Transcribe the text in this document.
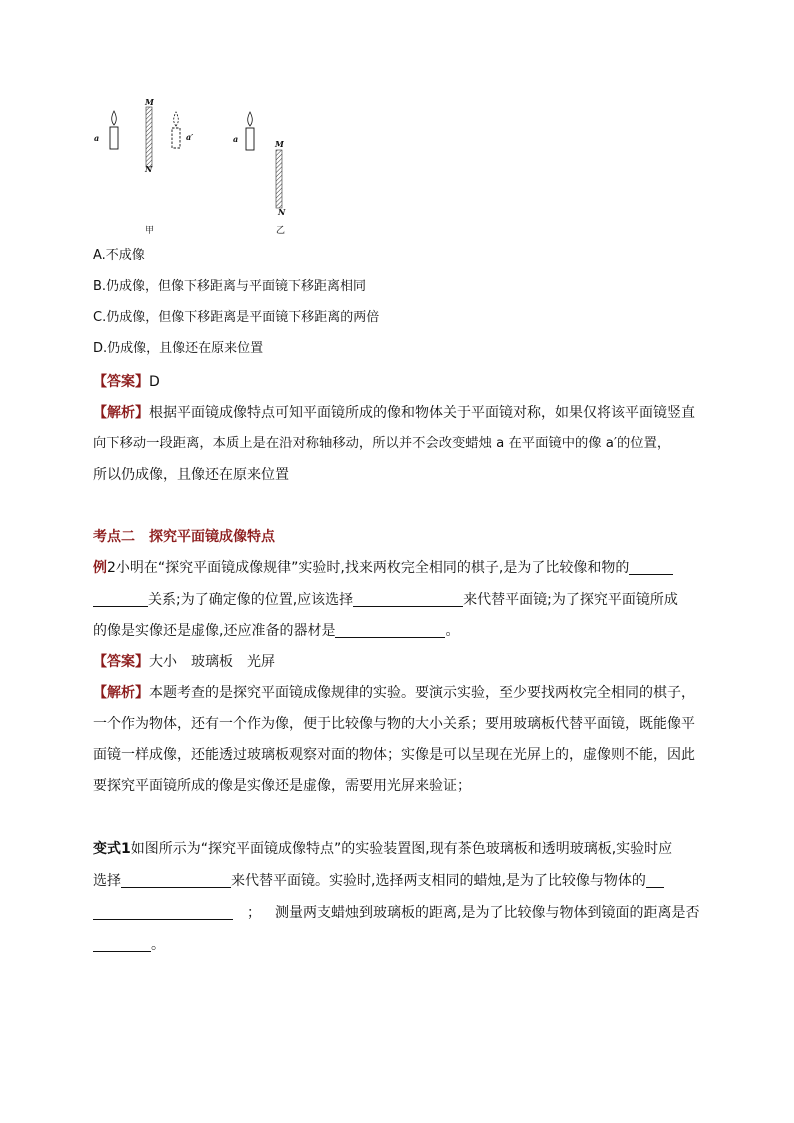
a
M
N
a′
甲
a	M
N
乙
A.不成像
B.仍成像，但像下移距离与平面镜下移距离相同
C.仍成像，但像下移距离是平面镜下移距离的两倍
D.仍成像，且像还在原来位置
【答案】D
【解析】根据平面镜成像特点可知平面镜所成的像和物体关于平面镜对称，如果仅将该平面镜竖直
向下移动一段距离，本质上是在沿对称轴移动，所以并不会改变蜡烛 a 在平面镜中的像 a′的位置，
所以仍成像，且像还在原来位置
考点二　探究平面镜成像特点
例2小明在“探究平面镜成像规律”实验时,找来两枚完全相同的棋子,是为了比较像和物的
关系;为了确定像的位置,应该选择	来代替平面镜;为了探究平面镜所成
的像是实像还是虚像,还应准备的器材是	。
【答案】大小　玻璃板　光屏
【解析】本题考查的是探究平面镜成像规律的实验。要演示实验，至少要找两枚完全相同的棋子，
一个作为物体，还有一个作为像，便于比较像与物的大小关系；要用玻璃板代替平面镜，既能像平
面镜一样成像，还能透过玻璃板观察对面的物体；实像是可以呈现在光屏上的，虚像则不能，因此
要探究平面镜所成的像是实像还是虚像，需要用光屏来验证；
变式1如图所示为“探究平面镜成像特点”的实验装置图,现有茶色玻璃板和透明玻璃板,实验时应
选择	来代替平面镜。实验时,选择两支相同的蜡烛,是为了比较像与物体的
； 测量两支蜡烛到玻璃板的距离,是为了比较像与物体到镜面的距离是否
。
